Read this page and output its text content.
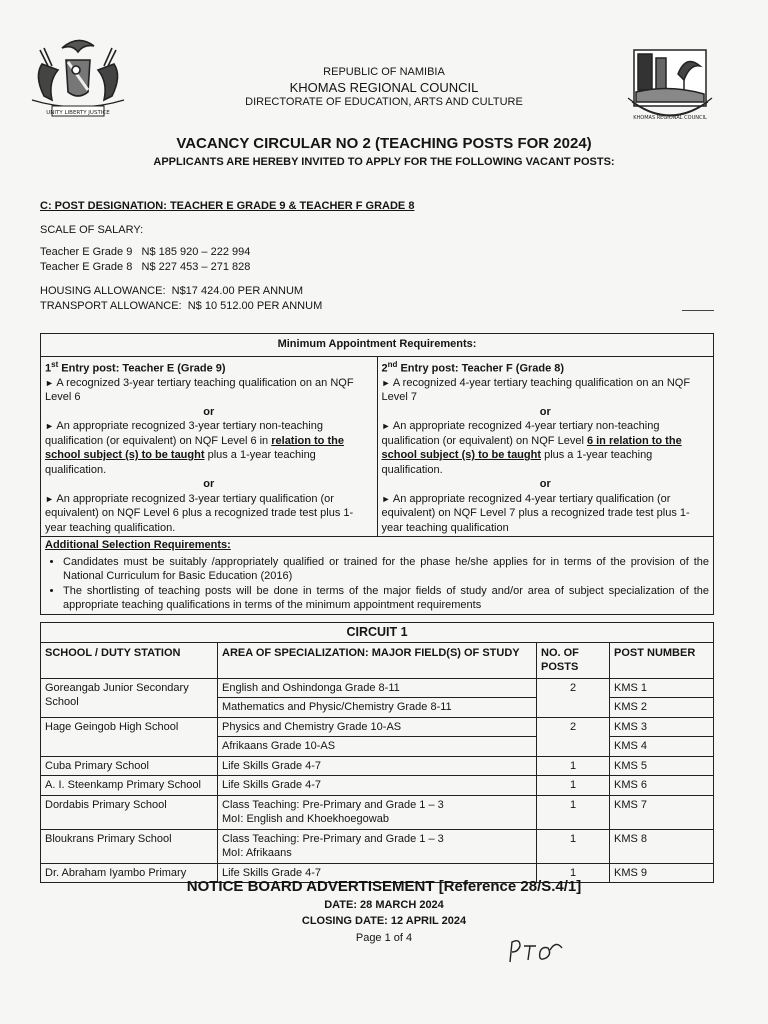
UNITY LIBERTY JUSTICE
KHOMAS REGIONAL COUNCIL
REPUBLIC OF NAMIBIA
KHOMAS REGIONAL COUNCIL
DIRECTORATE OF EDUCATION, ARTS AND CULTURE
VACANCY CIRCULAR NO 2 (TEACHING POSTS FOR 2024)
APPLICANTS ARE HEREBY INVITED TO APPLY FOR THE FOLLOWING VACANT POSTS:
C: POST DESIGNATION: TEACHER E GRADE 9 & TEACHER F GRADE 8
SCALE OF SALARY:
Teacher E Grade 9   N$ 185 920 – 222 994
Teacher E Grade 8   N$ 227 453 – 271 828
HOUSING ALLOWANCE:  N$17 424.00 PER ANNUM
TRANSPORT ALLOWANCE:  N$ 10 512.00 PER ANNUM
Minimum Appointment Requirements:

1st Entry post: Teacher E (Grade 9)
► A recognized 3-year tertiary teaching qualification on an NQF Level 6
or
► An appropriate recognized 3-year tertiary non-teaching qualification (or equivalent) on NQF Level 6 in relation to the school subject (s) to be taught plus a 1-year teaching qualification.
or
► An appropriate recognized 3-year tertiary qualification (or equivalent) on NQF Level 6 plus a recognized trade test plus 1-year teaching qualification.

2nd Entry post: Teacher F (Grade 8)
► A recognized 4-year tertiary teaching qualification on an NQF Level 7
or
► An appropriate recognized 4-year tertiary non-teaching qualification (or equivalent) on NQF Level 6 in relation to the school subject (s) to be taught plus a 1-year teaching qualification.
or
► An appropriate recognized 4-year tertiary qualification (or equivalent) on NQF Level 7 plus a recognized trade test plus 1-year teaching qualification

Additional Selection Requirements:
• Candidates must be suitably /appropriately qualified or trained for the phase he/she applies for in terms of the provision of the National Curriculum for Basic Education (2016)
• The shortlisting of teaching posts will be done in terms of the major fields of study and/or area of subject specialization of the appropriate teaching qualifications in terms of the minimum appointment requirements
CIRCUIT 1			
SCHOOL / DUTY STATION	AREA OF SPECIALIZATION: MAJOR FIELD(S) OF STUDY	NO. OF POSTS	POST NUMBER
Goreangab Junior Secondary School	English and Oshindonga Grade 8-11	2	KMS 1
	Mathematics and Physic/Chemistry Grade 8-11		KMS 2
Hage Geingob High School	Physics and Chemistry Grade 10-AS	2	KMS 3
	Afrikaans Grade 10-AS		KMS 4
Cuba Primary School	Life Skills Grade 4-7	1	KMS 5
A. I. Steenkamp Primary School	Life Skills Grade 4-7	1	KMS 6
Dordabis Primary School	Class Teaching: Pre-Primary and Grade 1 – 3
MoI: English and Khoekhoegowab	1	KMS 7
Bloukrans Primary School	Class Teaching: Pre-Primary and Grade 1 – 3
MoI: Afrikaans	1	KMS 8
Dr. Abraham Iyambo Primary	Life Skills Grade 4-7	1	KMS 9
NOTICE BOARD ADVERTISEMENT [Reference 28/S.4/1]
DATE: 28 MARCH 2024
CLOSING DATE: 12 APRIL 2024
Page 1 of 4
